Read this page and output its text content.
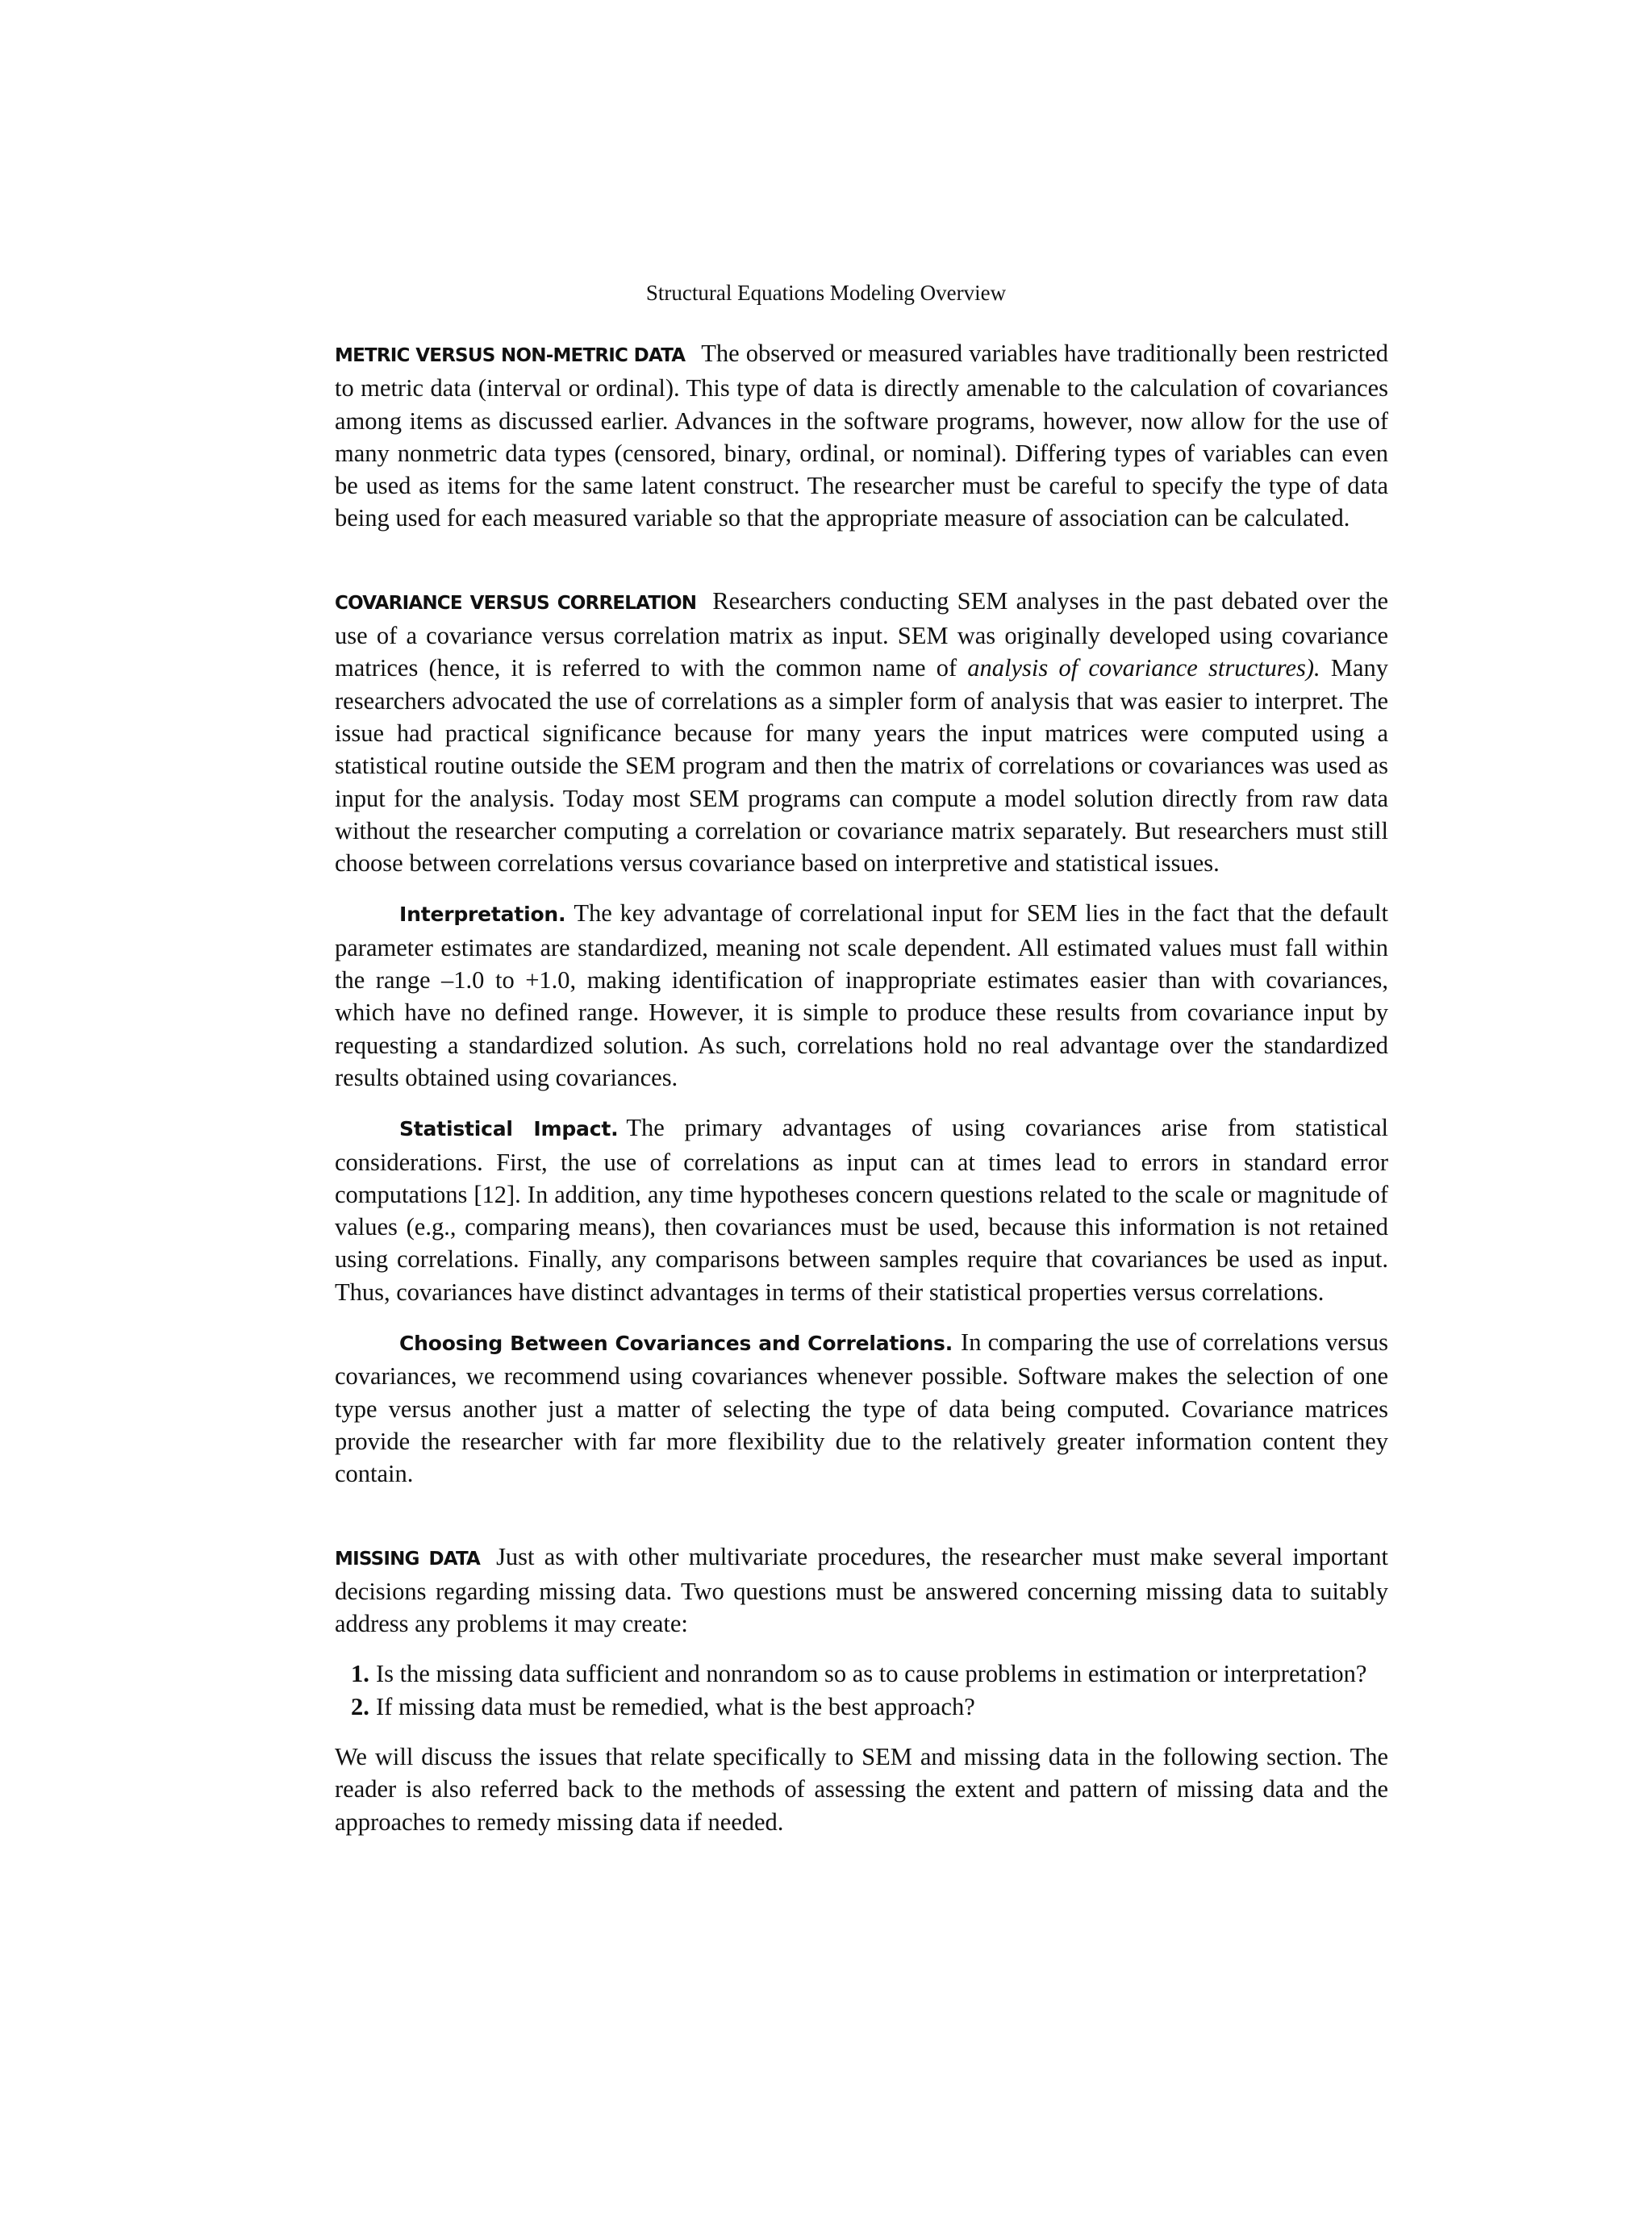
Structural Equations Modeling Overview

METRIC VERSUS NON-METRIC DATA The observed or measured variables have traditionally been restricted to metric data (interval or ordinal). This type of data is directly amenable to the calculation of covariances among items as discussed earlier. Advances in the software programs, however, now allow for the use of many nonmetric data types (censored, binary, ordinal, or nominal). Differing types of variables can even be used as items for the same latent construct. The researcher must be careful to specify the type of data being used for each measured variable so that the appropriate measure of association can be calculated.

COVARIANCE VERSUS CORRELATION Researchers conducting SEM analyses in the past debated over the use of a covariance versus correlation matrix as input. SEM was originally developed using covariance matrices (hence, it is referred to with the common name of analysis of covariance structures). Many researchers advocated the use of correlations as a simpler form of analysis that was easier to interpret. The issue had practical significance because for many years the input matrices were computed using a statistical routine outside the SEM program and then the matrix of correlations or covariances was used as input for the analysis. Today most SEM programs can compute a model solution directly from raw data without the researcher computing a correlation or covariance matrix separately. But researchers must still choose between correlations versus covariance based on interpretive and statistical issues.

Interpretation. The key advantage of correlational input for SEM lies in the fact that the default parameter estimates are standardized, meaning not scale dependent. All estimated values must fall within the range –1.0 to +1.0, making identification of inappropriate estimates easier than with covariances, which have no defined range. However, it is simple to produce these results from covariance input by requesting a standardized solution. As such, correlations hold no real advantage over the standardized results obtained using covariances.

Statistical Impact. The primary advantages of using covariances arise from statistical considerations. First, the use of correlations as input can at times lead to errors in standard error computations [12]. In addition, any time hypotheses concern questions related to the scale or magnitude of values (e.g., comparing means), then covariances must be used, because this information is not retained using correlations. Finally, any comparisons between samples require that covariances be used as input. Thus, covariances have distinct advantages in terms of their statistical properties versus correlations.

Choosing Between Covariances and Correlations. In comparing the use of correlations versus covariances, we recommend using covariances whenever possible. Software makes the selection of one type versus another just a matter of selecting the type of data being computed. Covariance matrices provide the researcher with far more flexibility due to the relatively greater information content they contain.

MISSING DATA Just as with other multivariate procedures, the researcher must make several important decisions regarding missing data. Two questions must be answered concerning missing data to suitably address any problems it may create:

1. Is the missing data sufficient and nonrandom so as to cause problems in estimation or interpretation?
2. If missing data must be remedied, what is the best approach?

We will discuss the issues that relate specifically to SEM and missing data in the following section. The reader is also referred back to the methods of assessing the extent and pattern of missing data and the approaches to remedy missing data if needed.
